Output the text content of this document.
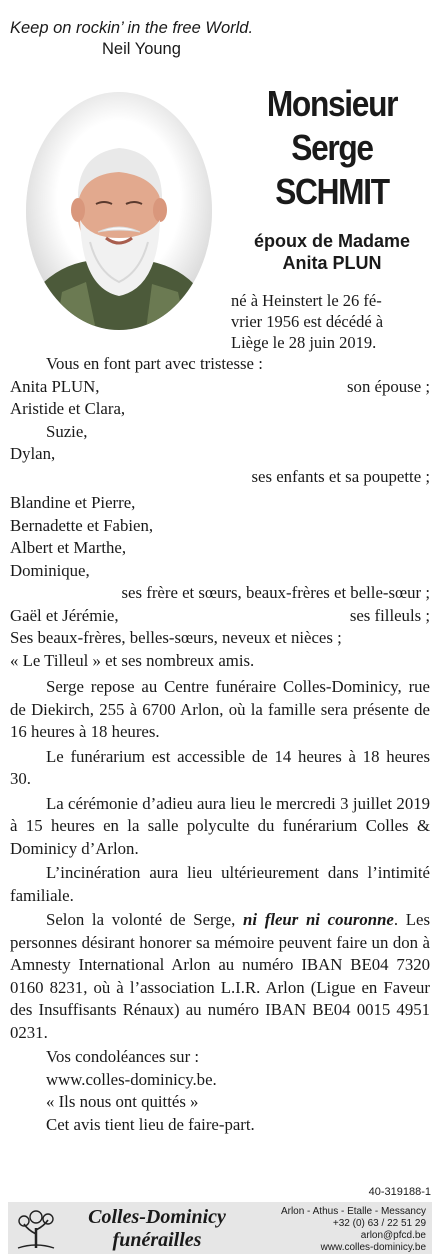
Keep on rockin’ in the free World.
Neil Young
Monsieur
Serge
SCHMIT
époux de Madame
Anita PLUN
né à Heinstert le 26 fé-
vrier 1956 est décédé à
Liège le 28 juin 2019.
Vous en font part avec tristesse :
Anita PLUN,	son épouse ;
Aristide et Clara,
Suzie,
Dylan,
ses enfants et sa poupette ;
Blandine et Pierre,
Bernadette et Fabien,
Albert et Marthe,
Dominique,
ses frère et sœurs, beaux-frères et belle-sœur ;
Gaël et Jérémie,	ses filleuls ;
Ses beaux-frères, belles-sœurs, neveux et nièces ;
« Le Tilleul » et ses nombreux amis.

Serge repose au Centre funéraire Colles-Dominicy, rue de Diekirch, 255 à 6700 Arlon, où la famille sera présente de 16 heures à 18 heures.

Le funérarium est accessible de 14 heures à 18 heures 30.

La cérémonie d’adieu aura lieu le mercredi 3 juillet 2019 à 15 heures en la salle polyculte du funérarium Colles & Dominicy d’Arlon.

L’incinération aura lieu ultérieurement dans l’intimité familiale.

Selon la volonté de Serge, ni fleur ni couronne. Les personnes désirant honorer sa mémoire peuvent faire un don à Amnesty International Arlon au numéro IBAN BE04 7320 0160 8231, où à l’association L.I.R. Arlon (Ligue en Faveur des Insuffisants Rénaux) au numéro IBAN BE04 0015 4951 0231.

Vos condoléances sur :
www.colles-dominicy.be.
« Ils nous ont quittés »
Cet avis tient lieu de faire-part.
40-319188-1
Colles-Dominicy
funérailles
Arlon - Athus - Etalle - Messancy
+32 (0) 63 / 22 51 29
arlon@pfcd.be
www.colles-dominicy.be
